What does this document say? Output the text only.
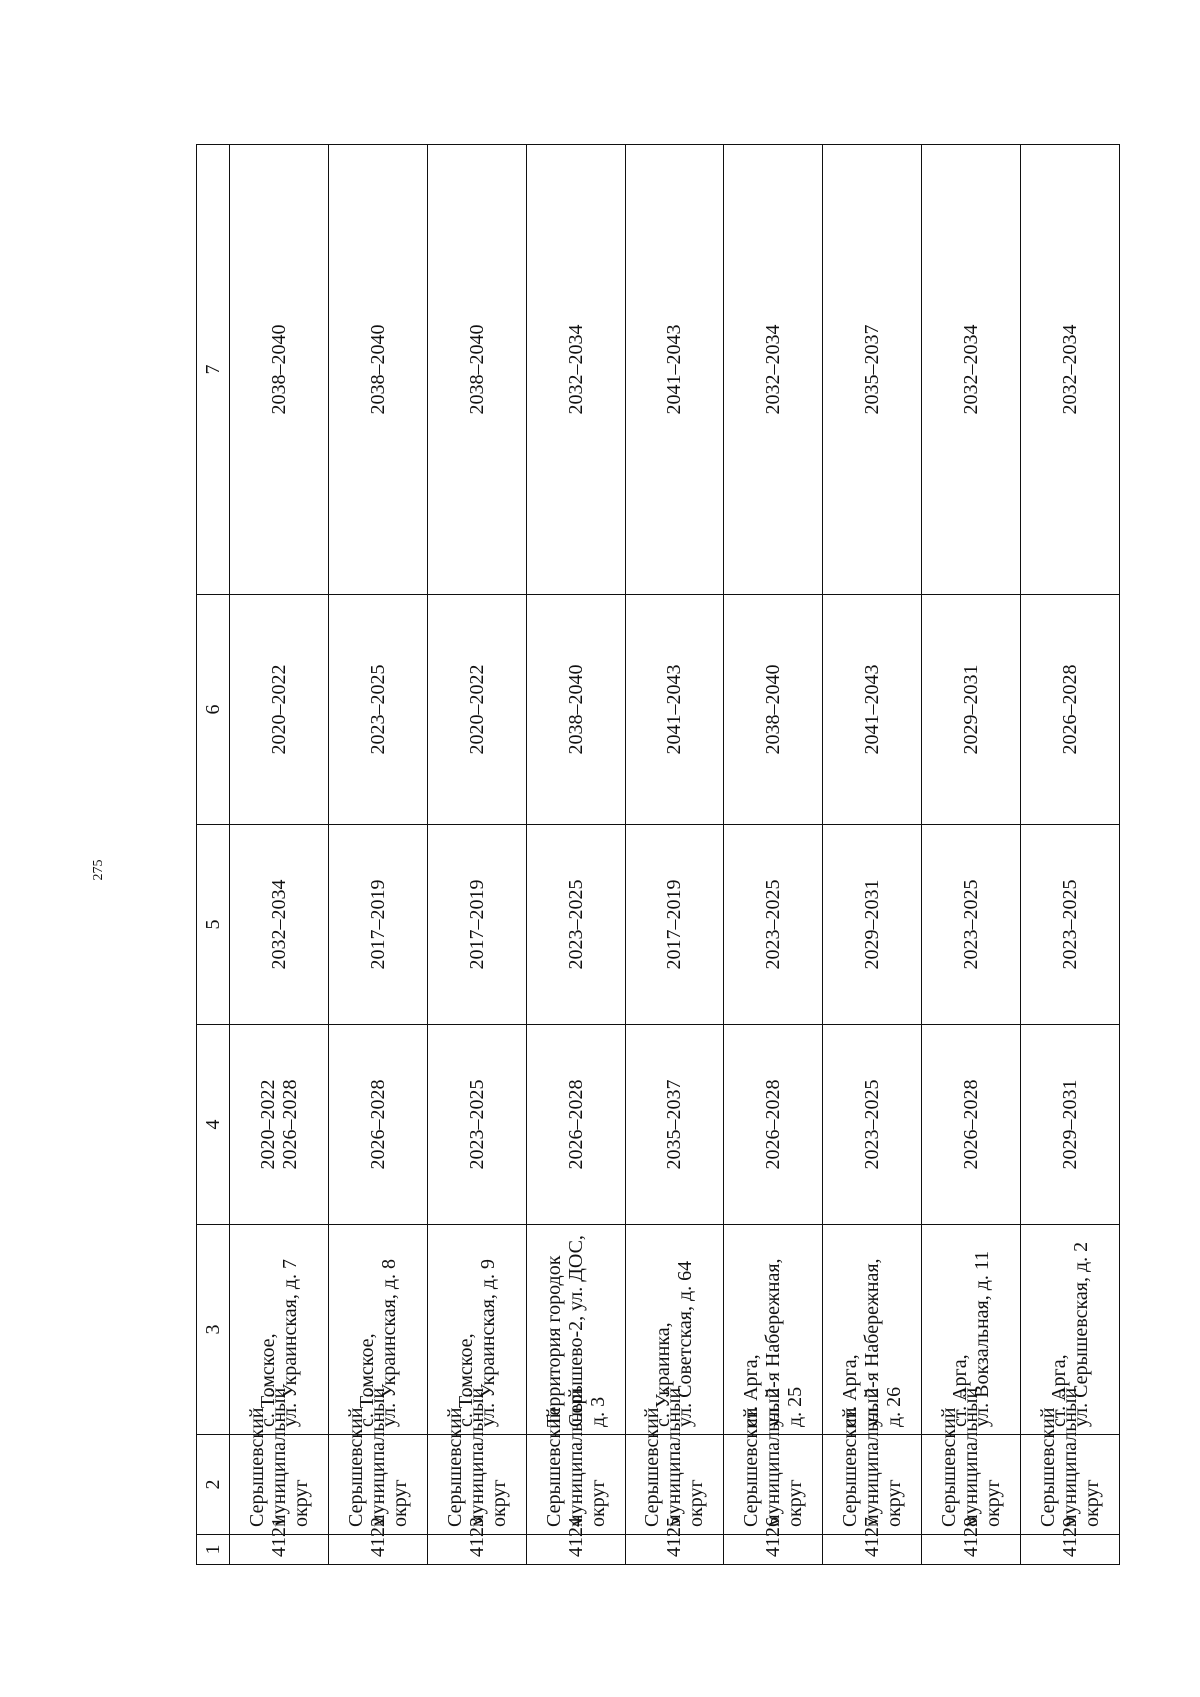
275
1	2	3	4	5	6	7
4121	Серышевский
муниципальный
округ	с. Томское,
ул. Украинская, д. 7	2020–2022
2026–2028	2032–2034	2020–2022	2038–2040
4122	Серышевский
муниципальный
округ	с. Томское,
ул. Украинская, д. 8	2026–2028	2017–2019	2023–2025	2038–2040
4123	Серышевский
муниципальный
округ	с. Томское,
ул. Украинская, д. 9	2023–2025	2017–2019	2020–2022	2038–2040
4124	Серышевский
муниципальный
округ	Территория городок
Серышево-2, ул. ДОС,
д. 3	2026–2028	2023–2025	2038–2040	2032–2034
4125	Серышевский
муниципальный
округ	с. Украинка,
ул. Советская, д. 64	2035–2037	2017–2019	2041–2043	2041–2043
4126	Серышевский
муниципальный
округ	ст. Арга,
ул. 2-я Набережная,
д. 25	2026–2028	2023–2025	2038–2040	2032–2034
4127	Серышевский
муниципальный
округ	ст. Арга,
ул. 2-я Набережная,
д. 26	2023–2025	2029–2031	2041–2043	2035–2037
4128	Серышевский
муниципальный
округ	ст. Арга,
ул. Вокзальная, д. 11	2026–2028	2023–2025	2029–2031	2032–2034
4129	Серышевский
муниципальный
округ	ст. Арга,
ул. Серышевская, д. 2	2029–2031	2023–2025	2026–2028	2032–2034
